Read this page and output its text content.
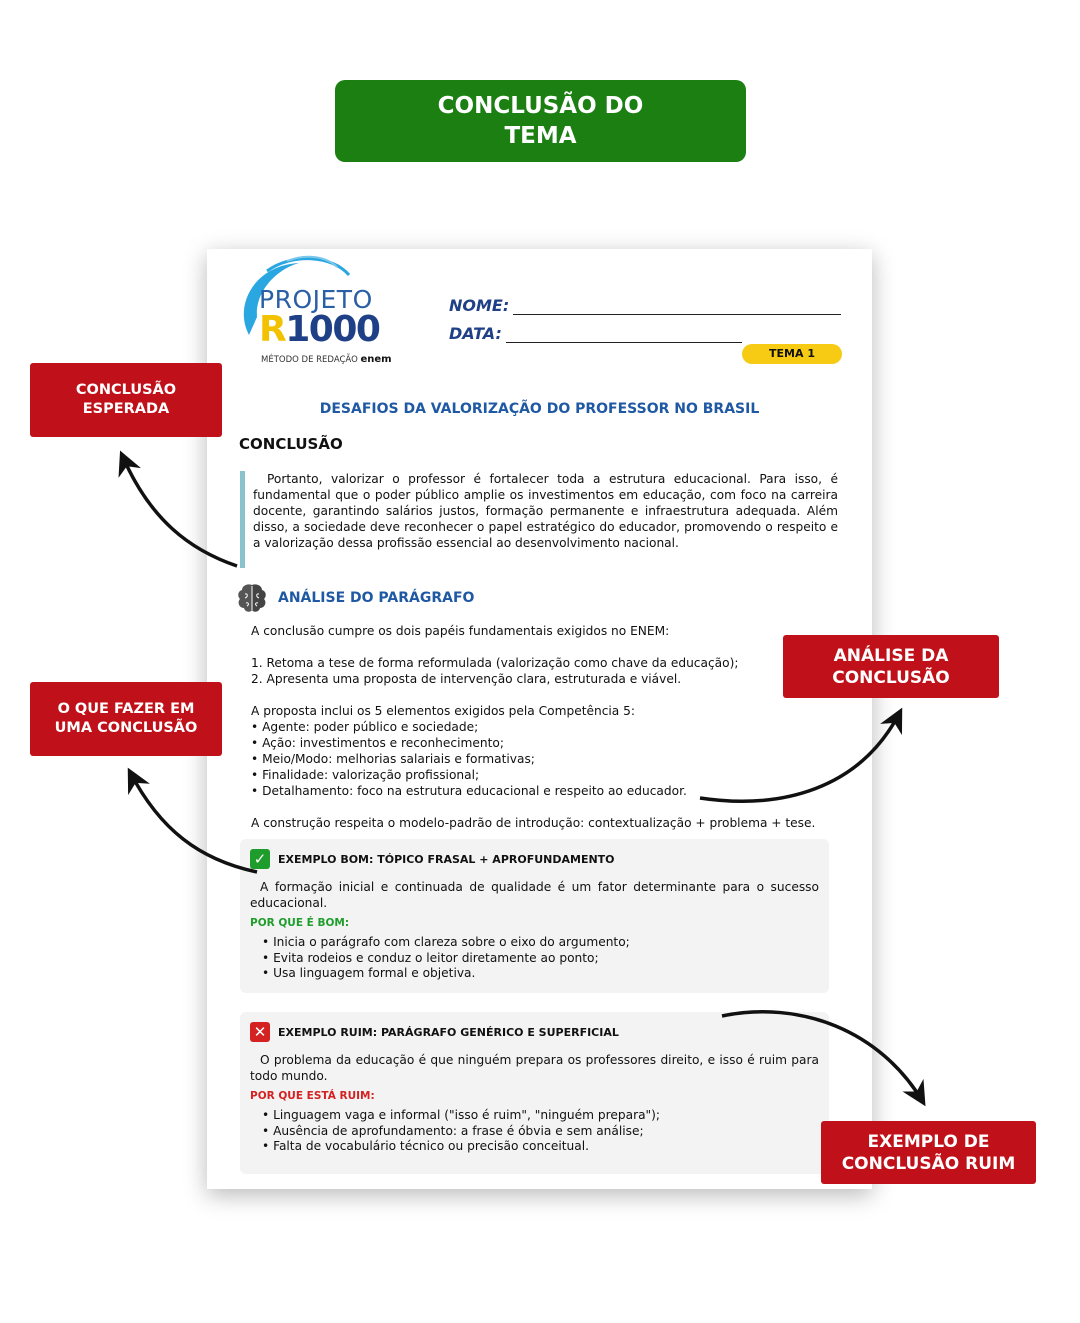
CONCLUSÃO DO
TEMA
PROJETO
R1000
MÉTODO DE REDAÇÃO enem
NOME:
DATA:
TEMA 1
DESAFIOS DA VALORIZAÇÃO DO PROFESSOR NO BRASIL
CONCLUSÃO
Portanto, valorizar o professor é fortalecer toda a estrutura educacional. Para isso, é fundamental que o poder público amplie os investimentos em educação, com foco na carreira docente, garantindo salários justos, formação permanente e infraestrutura adequada. Além disso, a sociedade deve reconhecer o papel estratégico do educador, promovendo o respeito e a valorização dessa profissão essencial ao desenvolvimento nacional.
ANÁLISE DO PARÁGRAFO

A conclusão cumpre os dois papéis fundamentais exigidos no ENEM:

1. Retoma a tese de forma reformulada (valorização como chave da educação);

2. Apresenta uma proposta de intervenção clara, estruturada e viável.

A proposta inclui os 5 elementos exigidos pela Competência 5:

• Agente: poder público e sociedade;

• Ação: investimentos e reconhecimento;

• Meio/Modo: melhorias salariais e formativas;

• Finalidade: valorização profissional;

• Detalhamento: foco na estrutura educacional e respeito ao educador.

A construção respeita o modelo-padrão de introdução: contextualização + problema + tese.

✓	EXEMPLO BOM: TÓPICO FRASAL + APROFUNDAMENTO
A formação inicial e continuada de qualidade é um fator determinante para o sucesso educacional.
POR QUE É BOM:
• Inicia o parágrafo com clareza sobre o eixo do argumento;
• Evita rodeios e conduz o leitor diretamente ao ponto;
• Usa linguagem formal e objetiva.
✕	EXEMPLO RUIM: PARÁGRAFO GENÉRICO E SUPERFICIAL
O problema da educação é que ninguém prepara os professores direito, e isso é ruim para todo mundo.
POR QUE ESTÁ RUIM:
• Linguagem vaga e informal ("isso é ruim", "ninguém prepara");
• Ausência de aprofundamento: a frase é óbvia e sem análise;
• Falta de vocabulário técnico ou precisão conceitual.
CONCLUSÃO
ESPERADA
O QUE FAZER EM
UMA CONCLUSÃO
ANÁLISE DA
CONCLUSÃO
EXEMPLO DE
CONCLUSÃO RUIM
